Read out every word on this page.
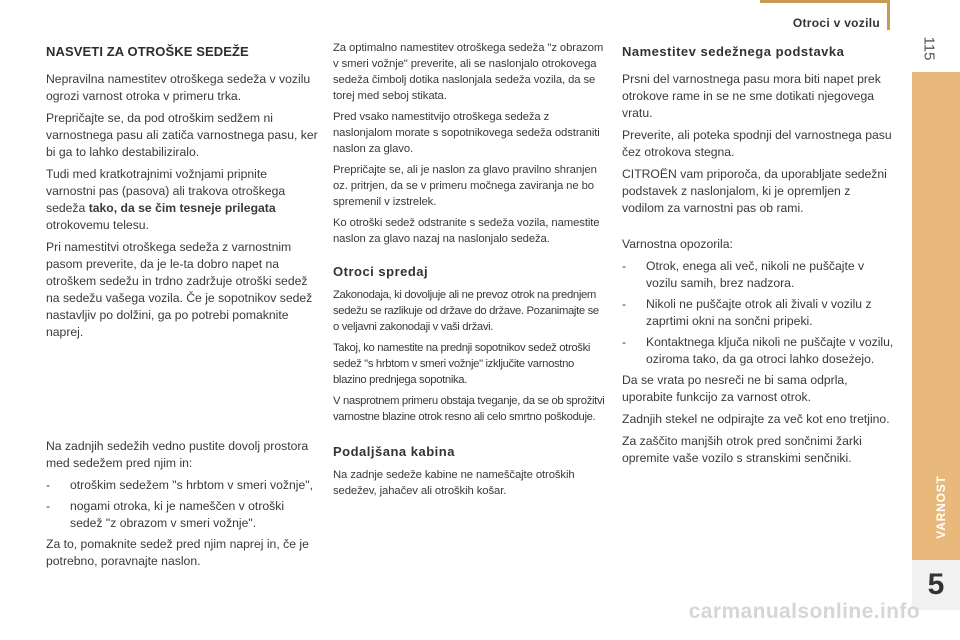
Otroci v vozilu
115
VARNOST
5
NASVETI ZA OTROŠKE SEDEŽE

Nepravilna namestitev otroškega sedeža v vozilu ogrozi varnost otroka v primeru trka.

Prepričajte se, da pod otroškim sedžem ni varnostnega pasu ali zatiča varnostnega pasu, ker bi ga to lahko destabiliziralo.

Tudi med kratkotrajnimi vožnjami pripnite varnostni pas (pasova) ali trakova otroškega sedeža tako, da se čim tesneje prilegata otrokovemu telesu.

Pri namestitvi otroškega sedeža z varnostnim pasom preverite, da je le-ta dobro napet na otroškem sedežu in trdno zadržuje otroški sedež na sedežu vašega vozila. Če je sopotnikov sedež nastavljiv po dolžini, ga po potrebi pomaknite naprej.

Na zadnjih sedežih vedno pustite dovolj prostora med sedežem pred njim in:

- otroškim sedežem "s hrbtom v smeri vožnje",
- nogami otroka, ki je nameščen v otroški sedež "z obrazom v smeri vožnje".

Za to, pomaknite sedež pred njim naprej in, če je potrebno, poravnajte naslon.

Za optimalno namestitev otroškega sedeža "z obrazom v smeri vožnje" preverite, ali se naslonjalo otrokovega sedeža čimbolj dotika naslonjala sedeža vozila, da se torej med seboj stikata.

Pred vsako namestitvijo otroškega sedeža z naslonjalom morate s sopotnikovega sedeža odstraniti naslon za glavo.

Prepričajte se, ali je naslon za glavo pravilno shranjen oz. pritrjen, da se v primeru močnega zaviranja ne bo spremenil v izstrelek.

Ko otroški sedež odstranite s sedeža vozila, namestite naslon za glavo nazaj na naslonjalo sedeža.

Otroci spredaj

Zakonodaja, ki dovoljuje ali ne prevoz otrok na prednjem sedežu se razlikuje od države do države. Pozanimajte se o veljavni zakonodaji v vaši državi.

Takoj, ko namestite na prednji sopotnikov sedež otroški sedež "s hrbtom v smeri vožnje" izključite varnostno blazino prednjega sopotnika.

V nasprotnem primeru obstaja tveganje, da se ob sprožitvi varnostne blazine otrok resno ali celo smrtno poškoduje.

Podaljšana kabina

Na zadnje sedeže kabine ne nameščajte otroških sedežev, jahačev ali otroških košar.

Namestitev sedežnega podstavka

Prsni del varnostnega pasu mora biti napet prek otrokove rame in se ne sme dotikati njegovega vratu.

Preverite, ali poteka spodnji del varnostnega pasu čez otrokova stegna.

CITROËN vam priporoča, da uporabljate sedežni podstavek z naslonjalom, ki je opremljen z vodilom za varnostni pas ob rami.

Varnostna opozorila:

- Otrok, enega ali več, nikoli ne puščajte v vozilu samih, brez nadzora.
- Nikoli ne puščajte otrok ali živali v vozilu z zaprtimi okni na sončni pripeki.
- Kontaktnega ključa nikoli ne puščajte v vozilu, oziroma tako, da ga otroci lahko doseżejo.

Da se vrata po nesreči ne bi sama odprla, uporabite funkcijo za varnost otrok.

Zadnjih stekel ne odpirajte za več kot eno tretjino.

Za zaščito manjših otrok pred sončnimi žarki opremite vaše vozilo s stranskimi senčniki.

carmanualsonline.info
